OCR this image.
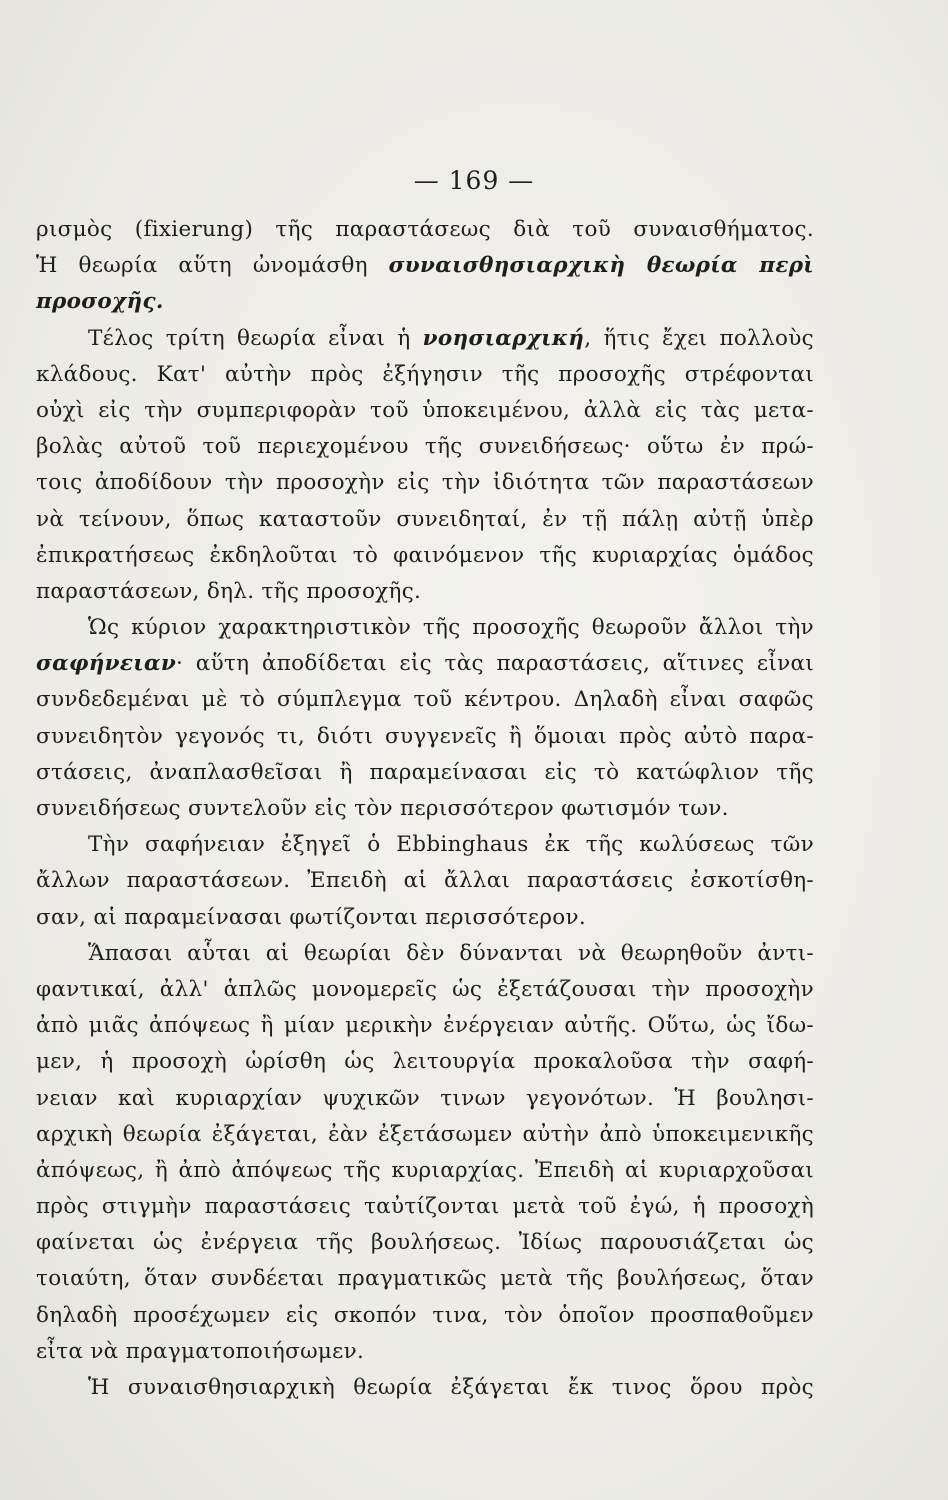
— 169 —
ρισμὸς (fixierung) τῆς παραστάσεως διὰ τοῦ συναισθήματος.
Ἡ θεωρία αὕτη ὠνομάσθη συναισθησιαρχικὴ θεωρία περὶ
προσοχῆς.
Τέλος τρίτη θεωρία εἶναι ἡ νοησιαρχική, ἥτις ἔχει πολλοὺς
κλάδους. Κατ' αὐτὴν πρὸς ἐξήγησιν τῆς προσοχῆς στρέφονται
οὐχὶ εἰς τὴν συμπεριφορὰν τοῦ ὑποκειμένου, ἀλλὰ εἰς τὰς μετα-
βολὰς αὐτοῦ τοῦ περιεχομένου τῆς συνειδήσεως· οὕτω ἐν πρώ-
τοις ἀποδίδουν τὴν προσοχὴν εἰς τὴν ἰδιότητα τῶν παραστάσεων
νὰ τείνουν, ὅπως καταστοῦν συνειδηταί, ἐν τῇ πάλῃ αὐτῇ ὑπὲρ
ἐπικρατήσεως ἐκδηλοῦται τὸ φαινόμενον τῆς κυριαρχίας ὁμάδος
παραστάσεων, δηλ. τῆς προσοχῆς.
Ὡς κύριον χαρακτηριστικὸν τῆς προσοχῆς θεωροῦν ἄλλοι τὴν
σαφήνειαν· αὕτη ἀποδίδεται εἰς τὰς παραστάσεις, αἵτινες εἶναι
συνδεδεμέναι μὲ τὸ σύμπλεγμα τοῦ κέντρου. Δηλαδὴ εἶναι σαφῶς
συνειδητὸν γεγονός τι, διότι συγγενεῖς ἢ ὅμοιαι πρὸς αὐτὸ παρα-
στάσεις, ἀναπλασθεῖσαι ἢ παραμείνασαι εἰς τὸ κατώφλιον τῆς
συνειδήσεως συντελοῦν εἰς τὸν περισσότερον φωτισμόν των.
Τὴν σαφήνειαν ἐξηγεῖ ὁ Ebbinghaus ἐκ τῆς κωλύσεως τῶν
ἄλλων παραστάσεων. Ἐπειδὴ αἱ ἄλλαι παραστάσεις ἐσκοτίσθη-
σαν, αἱ παραμείνασαι φωτίζονται περισσότερον.
Ἅπασαι αὗται αἱ θεωρίαι δὲν δύνανται νὰ θεωρηθοῦν ἀντι-
φαντικαί, ἀλλ' ἁπλῶς μονομερεῖς ὡς ἐξετάζουσαι τὴν προσοχὴν
ἀπὸ μιᾶς ἀπόψεως ἢ μίαν μερικὴν ἐνέργειαν αὐτῆς. Οὕτω, ὡς ἴδω-
μεν, ἡ προσοχὴ ὡρίσθη ὡς λειτουργία προκαλοῦσα τὴν σαφή-
νειαν καὶ κυριαρχίαν ψυχικῶν τινων γεγονότων. Ἡ βουλησι-
αρχικὴ θεωρία ἐξάγεται, ἐὰν ἐξετάσωμεν αὐτὴν ἀπὸ ὑποκειμενικῆς
ἀπόψεως, ἢ ἀπὸ ἀπόψεως τῆς κυριαρχίας. Ἐπειδὴ αἱ κυριαρχοῦσαι
πρὸς στιγμὴν παραστάσεις ταὐτίζονται μετὰ τοῦ ἐγώ, ἡ προσοχὴ
φαίνεται ὡς ἐνέργεια τῆς βουλήσεως. Ἰδίως παρουσιάζεται ὡς
τοιαύτη, ὅταν συνδέεται πραγματικῶς μετὰ τῆς βουλήσεως, ὅταν
δηλαδὴ προσέχωμεν εἰς σκοπόν τινα, τὸν ὁποῖον προσπαθοῦμεν
εἶτα νὰ πραγματοποιήσωμεν.
Ἡ συναισθησιαρχικὴ θεωρία ἐξάγεται ἔκ τινος ὅρου πρὸς
